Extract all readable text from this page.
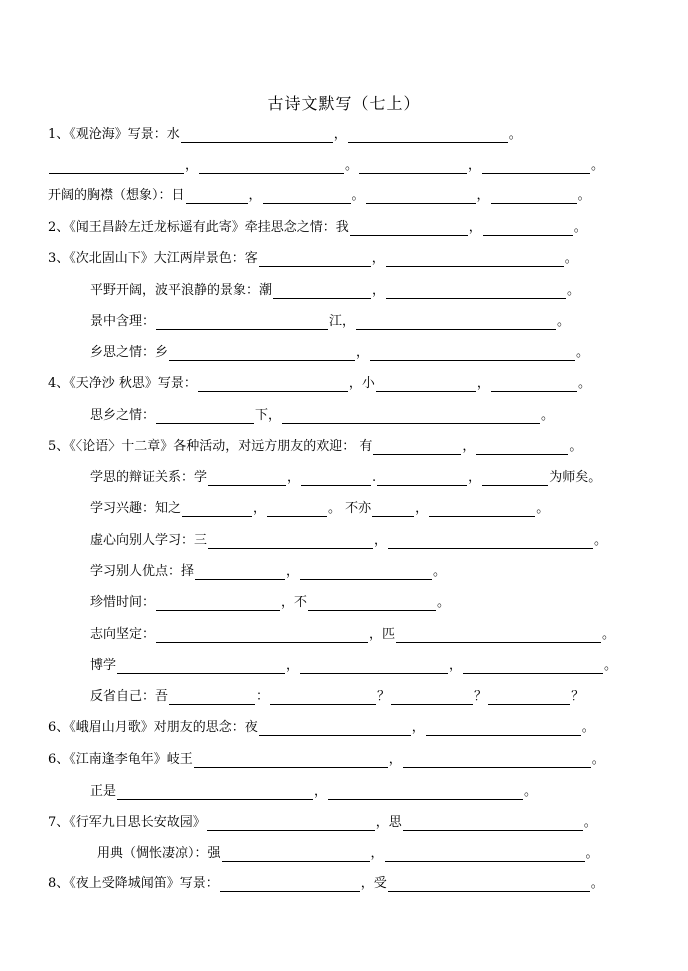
古诗文默写（七上）
1、《观沧海》写景：水	，	。
，	。	，	。
开阔的胸襟（想象）：日	，	。	，	。
2、《闻王昌龄左迁龙标遥有此寄》牵挂思念之情：我	，	。
3、《次北固山下》大江两岸景色：客	，	。
平野开阔，波平浪静的景象：潮	，	。
景中含理：	江，	。
乡思之情：乡	，	。
4、《天净沙 秋思》写景：	，小	，	。
思乡之情：	下，	。
5、《〈论语〉十二章》各种活动，对远方朋友的欢迎： 有	，	。
学思的辩证关系：学	，	.	，	为师矣。
学习兴趣：知之	，	。 不亦	，	。
虚心向别人学习：三	，	。
学习别人优点：择	，	。
珍惜时间：	，不	。
志向坚定：	，匹	。
博学	，	，	。
反省自己：吾	：	？	？	？
6、《峨眉山月歌》对朋友的思念：夜	，	。
6、《江南逢李龟年》岐王	，	。
正是	，	。
7、《行军九日思长安故园》	，思	。
用典（惆怅凄凉）：强	，	。
8、《夜上受降城闻笛》写景：	，受	。
